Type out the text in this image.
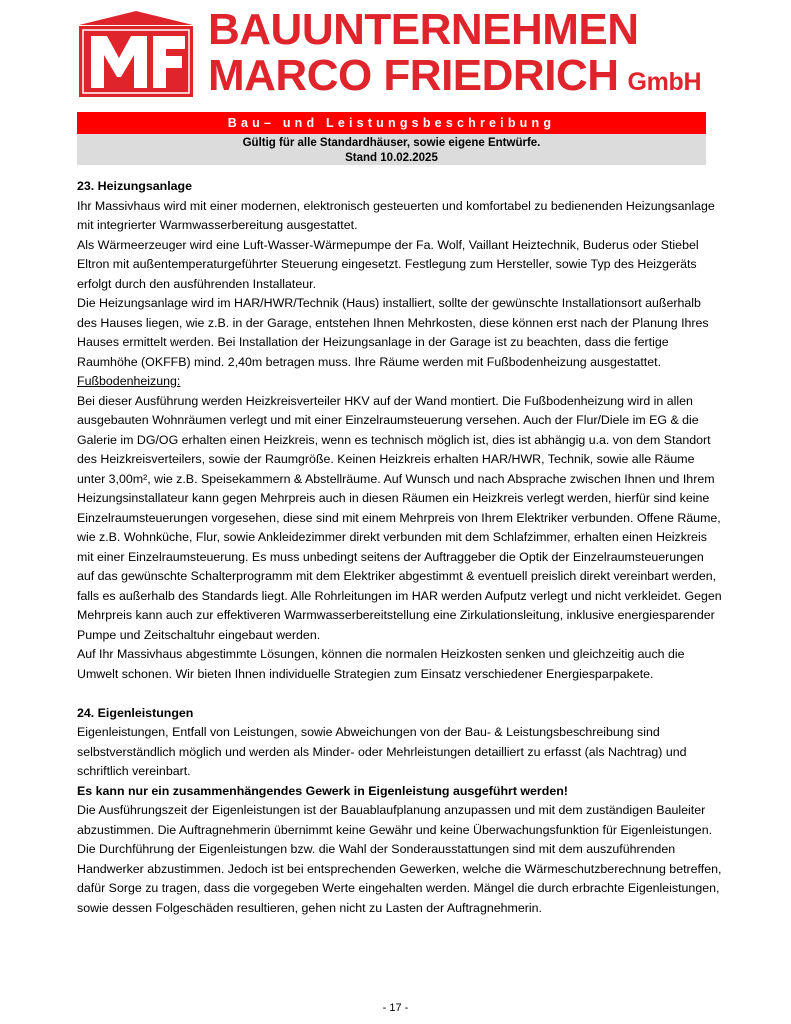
BAUUNTERNEHMEN
MARCO FRIEDRICH GmbH
Bau– und Leistungsbeschreibung
Gültig für alle Standardhäuser, sowie eigene Entwürfe.
Stand 10.02.2025

23. Heizungsanlage

Ihr Massivhaus wird mit einer modernen, elektronisch gesteuerten und komfortabel zu bedienenden Heizungsanlage mit integrierter Warmwasserbereitung ausgestattet.

Als Wärmeerzeuger wird eine Luft-Wasser-Wärmepumpe der Fa. Wolf, Vaillant Heiztechnik, Buderus oder Stiebel Eltron mit außentemperaturgeführter Steuerung eingesetzt. Festlegung zum Hersteller, sowie Typ des Heizgeräts erfolgt durch den ausführenden Installateur.

Die Heizungsanlage wird im HAR/HWR/Technik (Haus) installiert, sollte der gewünschte Installationsort außerhalb des Hauses liegen, wie z.B. in der Garage, entstehen Ihnen Mehrkosten, diese können erst nach der Planung Ihres Hauses ermittelt werden. Bei Installation der Heizungsanlage in der Garage ist zu beachten, dass die fertige Raumhöhe (OKFFB) mind. 2,40m betragen muss. Ihre Räume werden mit Fußbodenheizung ausgestattet.

Fußbodenheizung:

Bei dieser Ausführung werden Heizkreisverteiler HKV auf der Wand montiert. Die Fußbodenheizung wird in allen ausgebauten Wohnräumen verlegt und mit einer Einzelraumsteuerung versehen. Auch der Flur/Diele im EG & die Galerie im DG/OG erhalten einen Heizkreis, wenn es technisch möglich ist, dies ist abhängig u.a. von dem Standort des Heizkreisverteilers, sowie der Raumgröße. Keinen Heizkreis erhalten HAR/HWR, Technik, sowie alle Räume unter 3,00m², wie z.B. Speisekammern & Abstellräume. Auf Wunsch und nach Absprache zwischen Ihnen und Ihrem Heizungsinstallateur kann gegen Mehrpreis auch in diesen Räumen ein Heizkreis verlegt werden, hierfür sind keine Einzelraumsteuerungen vorgesehen, diese sind mit einem Mehrpreis von Ihrem Elektriker verbunden. Offene Räume, wie z.B. Wohnküche, Flur, sowie Ankleidezimmer direkt verbunden mit dem Schlafzimmer, erhalten einen Heizkreis mit einer Einzelraumsteuerung. Es muss unbedingt seitens der Auftraggeber die Optik der Einzelraumsteuerungen auf das gewünschte Schalterprogramm mit dem Elektriker abgestimmt & eventuell preislich direkt vereinbart werden, falls es außerhalb des Standards liegt. Alle Rohrleitungen im HAR werden Aufputz verlegt und nicht verkleidet. Gegen Mehrpreis kann auch zur effektiveren Warmwasserbereitstellung eine Zirkulationsleitung, inklusive energiesparender Pumpe und Zeitschaltuhr eingebaut werden.

Auf Ihr Massivhaus abgestimmte Lösungen, können die normalen Heizkosten senken und gleichzeitig auch die Umwelt schonen. Wir bieten Ihnen individuelle Strategien zum Einsatz verschiedener Energiesparpakete.

24. Eigenleistungen

Eigenleistungen, Entfall von Leistungen, sowie Abweichungen von der Bau- & Leistungsbeschreibung sind selbstverständlich möglich und werden als Minder- oder Mehrleistungen detailliert zu erfasst (als Nachtrag) und schriftlich vereinbart.

Es kann nur ein zusammenhängendes Gewerk in Eigenleistung ausgeführt werden!

Die Ausführungszeit der Eigenleistungen ist der Bauablaufplanung anzupassen und mit dem zuständigen Bauleiter abzustimmen. Die Auftragnehmerin übernimmt keine Gewähr und keine Überwachungsfunktion für Eigenleistungen. Die Durchführung der Eigenleistungen bzw. die Wahl der Sonderausstattungen sind mit dem auszuführenden Handwerker abzustimmen. Jedoch ist bei entsprechenden Gewerken, welche die Wärmeschutzberechnung betreffen, dafür Sorge zu tragen, dass die vorgegeben Werte eingehalten werden. Mängel die durch erbrachte Eigenleistungen, sowie dessen Folgeschäden resultieren, gehen nicht zu Lasten der Auftragnehmerin.

- 17 -
